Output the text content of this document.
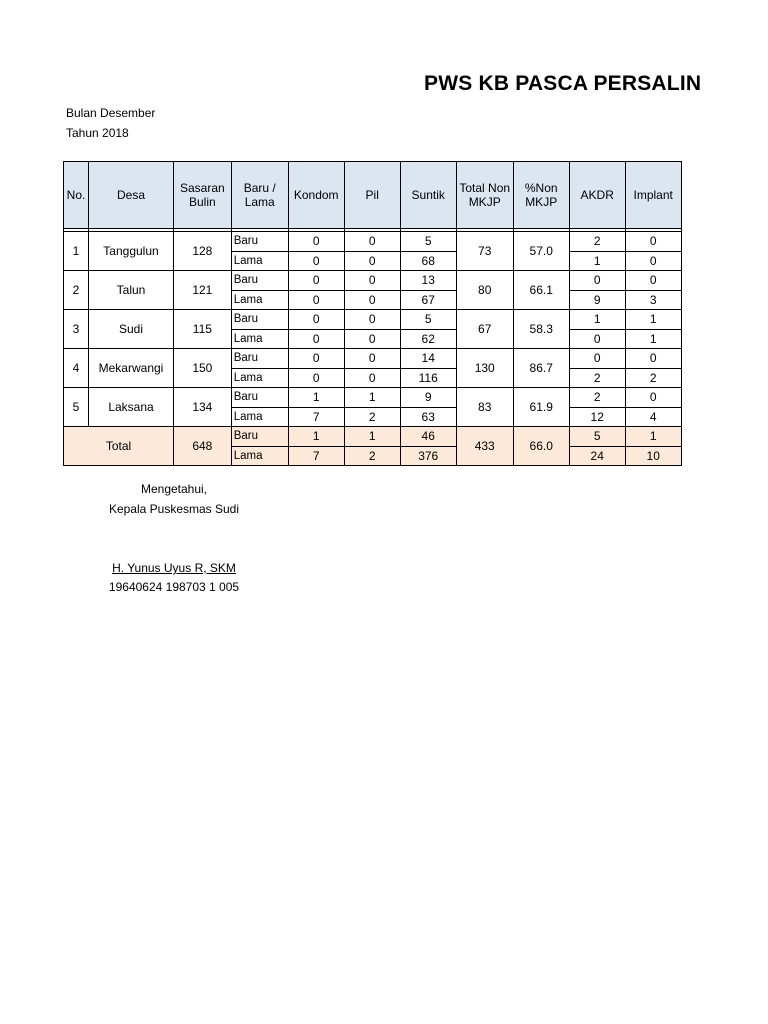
PWS KB PASCA PERSALIN
Bulan Desember
Tahun 2018
No.	Desa	Sasaran Bulin	Baru / Lama	Kondom	Pil	Suntik	Total Non MKJP	%Non MKJP	AKDR	Implant

1	Tanggulun	128	Baru	0	0	5	73	57.0	2	0
			Lama	0	0	68			1	0
2	Talun	121	Baru	0	0	13	80	66.1	0	0
			Lama	0	0	67			9	3
3	Sudi	115	Baru	0	0	5	67	58.3	1	1
			Lama	0	0	62			0	1
4	Mekarwangi	150	Baru	0	0	14	130	86.7	0	0
			Lama	0	0	116			2	2
5	Laksana	134	Baru	1	1	9	83	61.9	2	0
			Lama	7	2	63			12	4
Total		648	Baru	1	1	46	433	66.0	5	1
			Lama	7	2	376			24	10
Mengetahui,
Kepala Puskesmas Sudi
H. Yunus Uyus R, SKM
19640624 198703 1 005
